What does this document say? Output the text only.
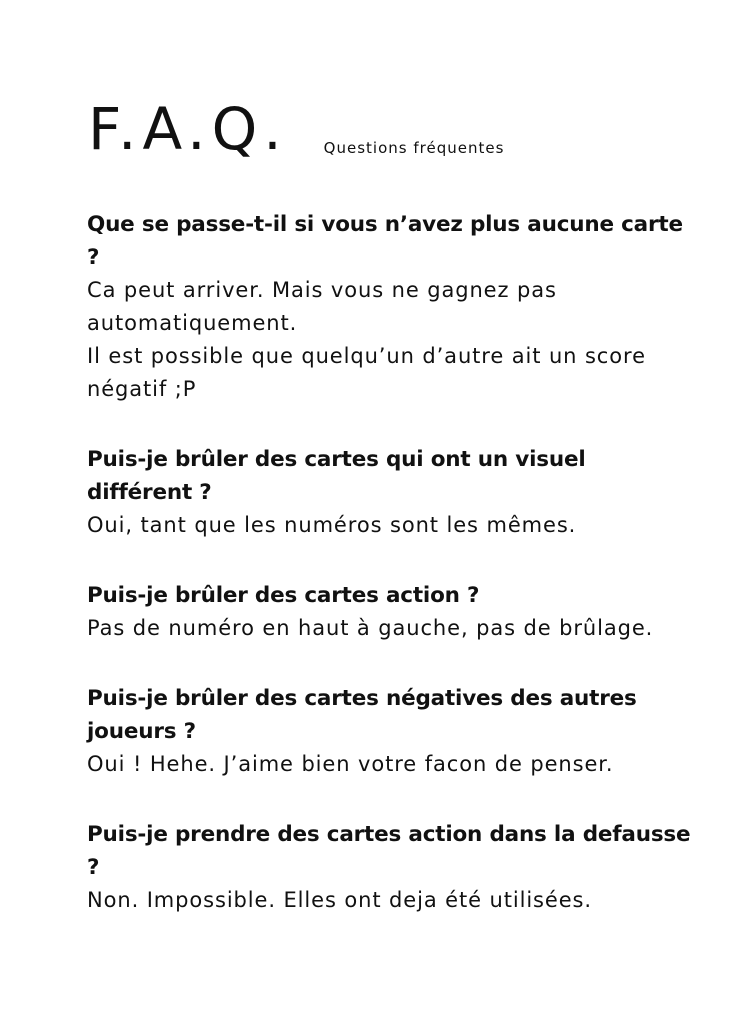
F.A.Q. Questions fréquentes

Que se passe-t-il si vous n’avez plus aucune carte ?

Ca peut arriver. Mais vous ne gagnez pas automatiquement.
Il est possible que quelqu’un d’autre ait un score négatif ;P

Puis-je brûler des cartes qui ont un visuel différent ?

Oui, tant que les numéros sont les mêmes.

Puis-je brûler des cartes action ?

Pas de numéro en haut à gauche, pas de brûlage.

Puis-je brûler des cartes négatives des autres joueurs ?

Oui ! Hehe. J’aime bien votre facon de penser.

Puis-je prendre des cartes action dans la defausse ?

Non. Impossible. Elles ont deja été utilisées.
